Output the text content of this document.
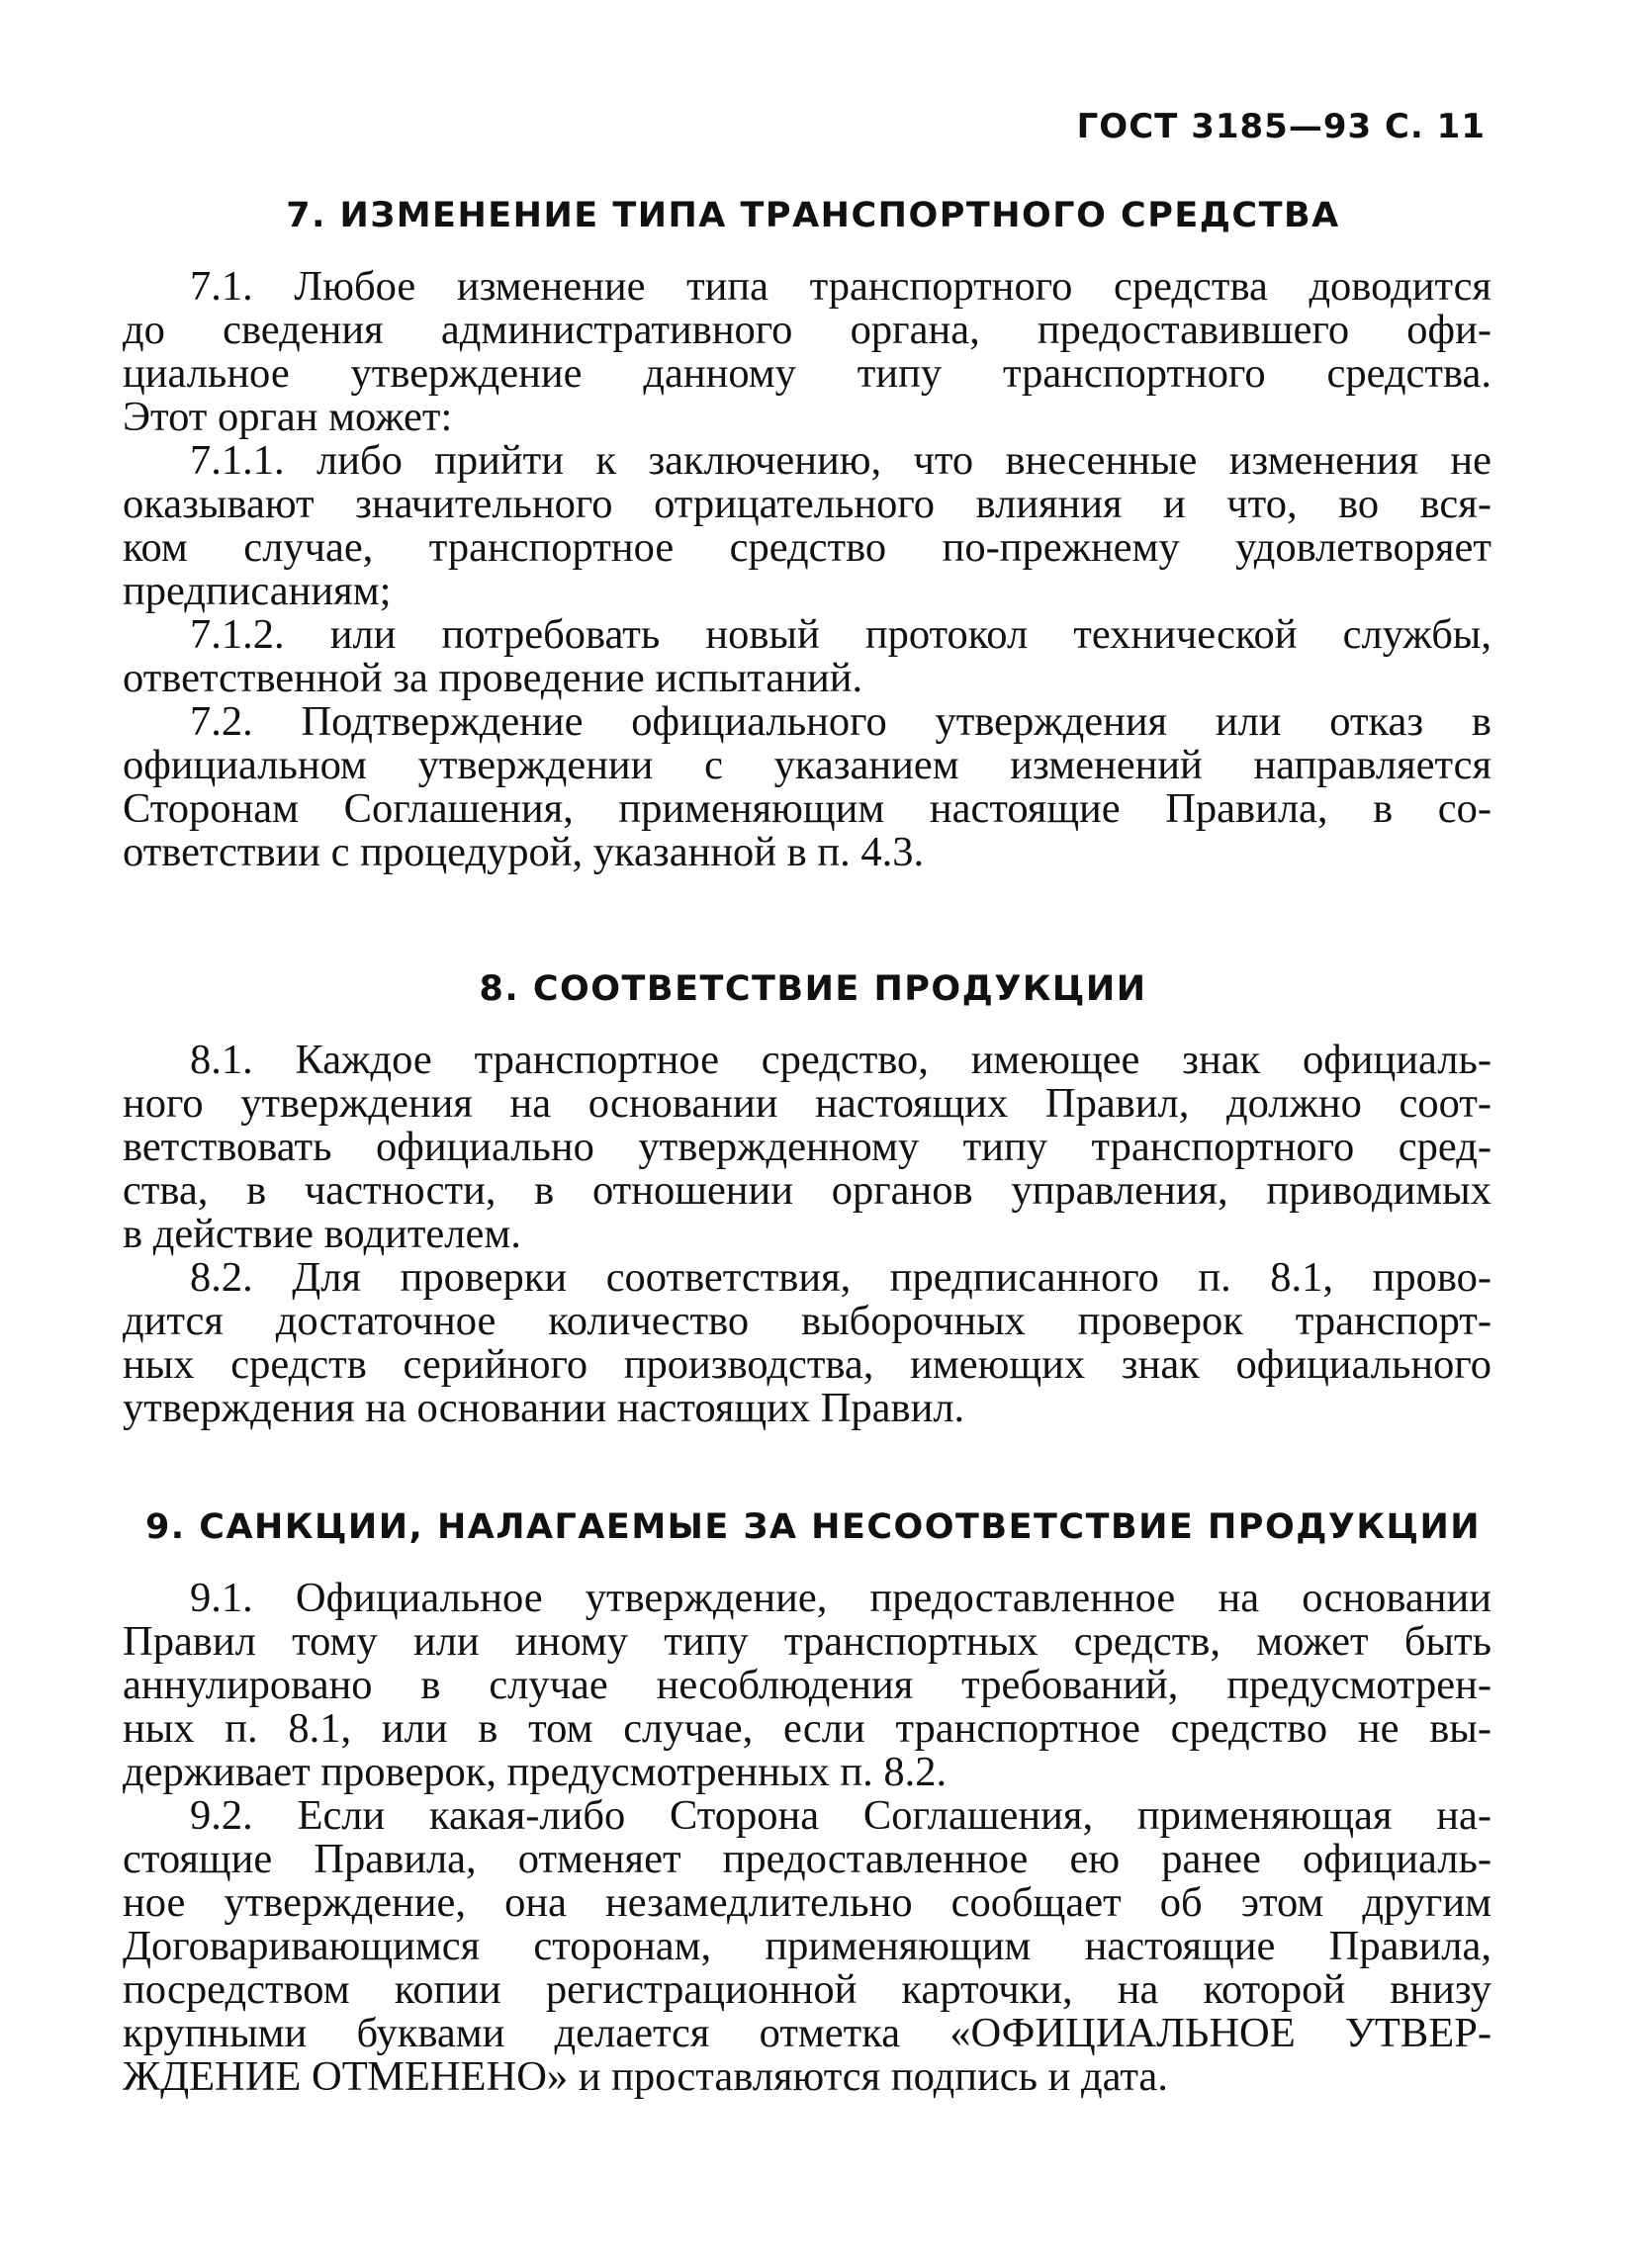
ГОСТ 3185—93 С. 11
7. ИЗМЕНЕНИЕ ТИПА ТРАНСПОРТНОГО СРЕДСТВА
7.1. Любое изменение типа транспортного средства доводится
до сведения административного органа, предоставившего офи-
циальное утверждение данному типу транспортного средства.
Этот орган может:
7.1.1. либо прийти к заключению, что внесенные изменения не
оказывают значительного отрицательного влияния и что, во вся-
ком случае, транспортное средство по-прежнему удовлетворяет
предписаниям;
7.1.2. или потребовать новый протокол технической службы,
ответственной за проведение испытаний.
7.2. Подтверждение официального утверждения или отказ в
официальном утверждении с указанием изменений направляется
Сторонам Соглашения, применяющим настоящие Правила, в со-
ответствии с процедурой, указанной в п. 4.3.
8. СООТВЕТСТВИЕ ПРОДУКЦИИ
8.1. Каждое транспортное средство, имеющее знак официаль-
ного утверждения на основании настоящих Правил, должно соот-
ветствовать официально утвержденному типу транспортного сред-
ства, в частности, в отношении органов управления, приводимых
в действие водителем.
8.2. Для проверки соответствия, предписанного п. 8.1, прово-
дится достаточное количество выборочных проверок транспорт-
ных средств серийного производства, имеющих знак официального
утверждения на основании настоящих Правил.
9. САНКЦИИ, НАЛАГАЕМЫЕ ЗА НЕСООТВЕТСТВИЕ ПРОДУКЦИИ
9.1. Официальное утверждение, предоставленное на основании
Правил тому или иному типу транспортных средств, может быть
аннулировано в случае несоблюдения требований, предусмотрен-
ных п. 8.1, или в том случае, если транспортное средство не вы-
держивает проверок, предусмотренных п. 8.2.
9.2. Если какая-либо Сторона Соглашения, применяющая на-
стоящие Правила, отменяет предоставленное ею ранее официаль-
ное утверждение, она незамедлительно сообщает об этом другим
Договаривающимся сторонам, применяющим настоящие Правила,
посредством копии регистрационной карточки, на которой внизу
крупными буквами делается отметка «ОФИЦИАЛЬНОЕ УТВЕР-
ЖДЕНИЕ ОТМЕНЕНО» и проставляются подпись и дата.
